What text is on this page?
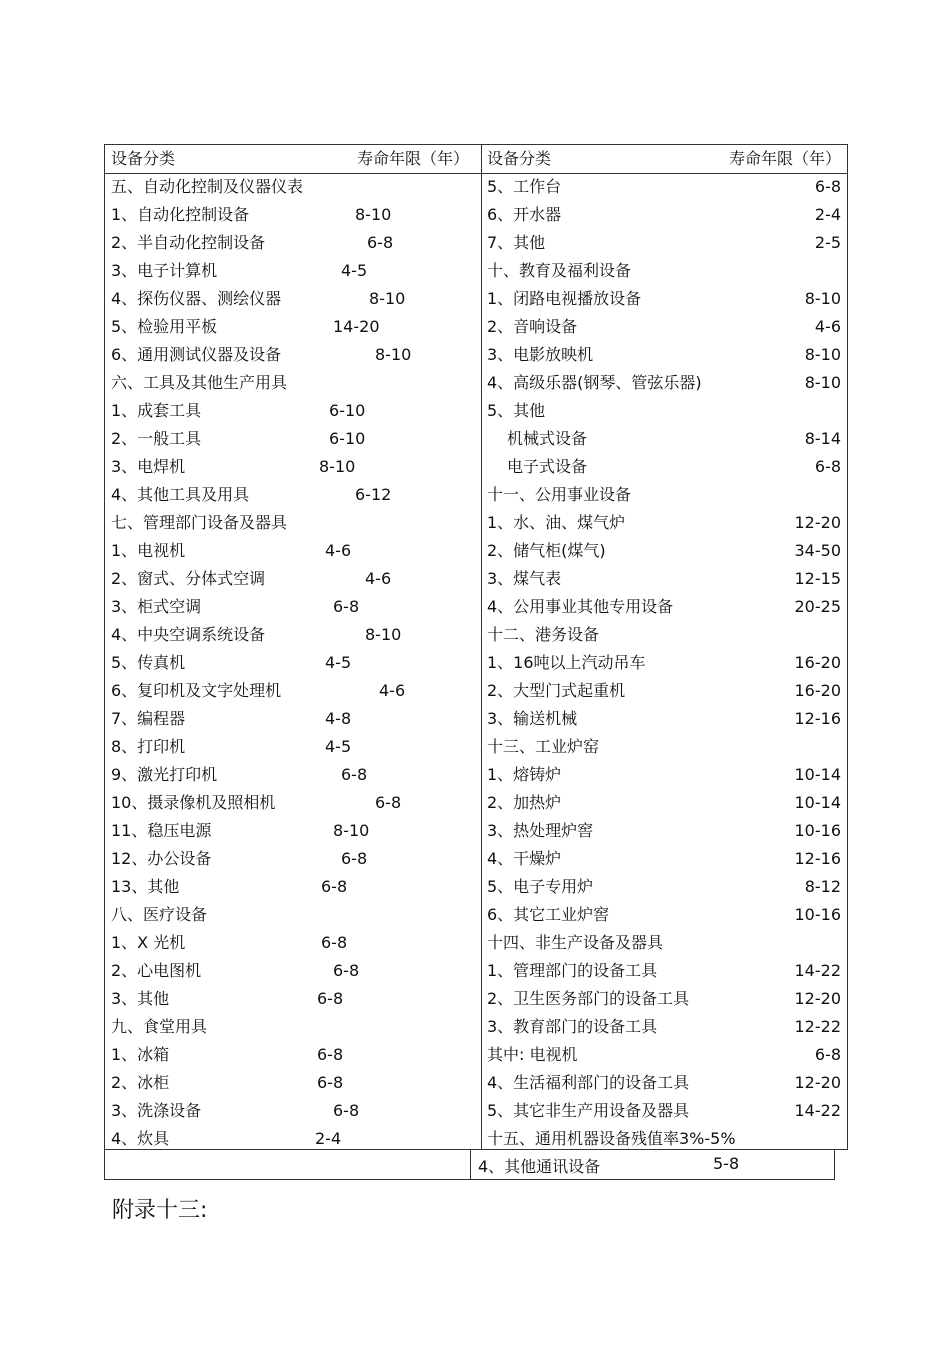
设备分类	寿命年限（年）
五、自动化控制及仪器仪表
1、自动化控制设备	8-10
2、半自动化控制设备	6-8
3、电子计算机	4-5
4、探伤仪器、测绘仪器	8-10
5、检验用平板	14-20
6、通用测试仪器及设备	8-10
六、工具及其他生产用具
1、成套工具	6-10
2、一般工具	6-10
3、电焊机	8-10
4、其他工具及用具	6-12
七、管理部门设备及器具
1、电视机	4-6
2、窗式、分体式空调	4-6
3、柜式空调	6-8
4、中央空调系统设备	8-10
5、传真机	4-5
6、复印机及文字处理机	4-6
7、编程器	4-8
8、打印机	4-5
9、激光打印机	6-8
10、摄录像机及照相机	6-8
11、稳压电源	8-10
12、办公设备	6-8
13、其他	6-8
八、医疗设备
1、X 光机	6-8
2、心电图机	6-8
3、其他	6-8
九、食堂用具
1、冰箱	6-8
2、冰柜	6-8
3、洗涤设备	6-8
4、炊具	2-4
设备分类	寿命年限（年）
5、工作台	6-8
6、开水器	2-4
7、其他	2-5
十、教育及福利设备
1、闭路电视播放设备	8-10
2、音响设备	4-6
3、电影放映机	8-10
4、高级乐器(钢琴、管弦乐器)	8-10
5、其他
机械式设备	8-14
电子式设备	6-8
十一、公用事业设备
1、水、油、煤气炉	12-20
2、储气柜(煤气)	34-50
3、煤气表	12-15
4、公用事业其他专用设备	20-25
十二、港务设备
1、16吨以上汽动吊车	16-20
2、大型门式起重机	16-20
3、输送机械	12-16
十三、工业炉窑
1、熔铸炉	10-14
2、加热炉	10-14
3、热处理炉窖	10-16
4、干燥炉	12-16
5、电子专用炉	8-12
6、其它工业炉窖	10-16
十四、非生产设备及器具
1、管理部门的设备工具	14-22
2、卫生医务部门的设备工具	12-20
3、教育部门的设备工具	12-22
其中: 电视机	6-8
4、生活福利部门的设备工具	12-20
5、其它非生产用设备及器具	14-22
十五、通用机器设备残值率3%-5%
4、其他通讯设备	5-8
附录十三:
